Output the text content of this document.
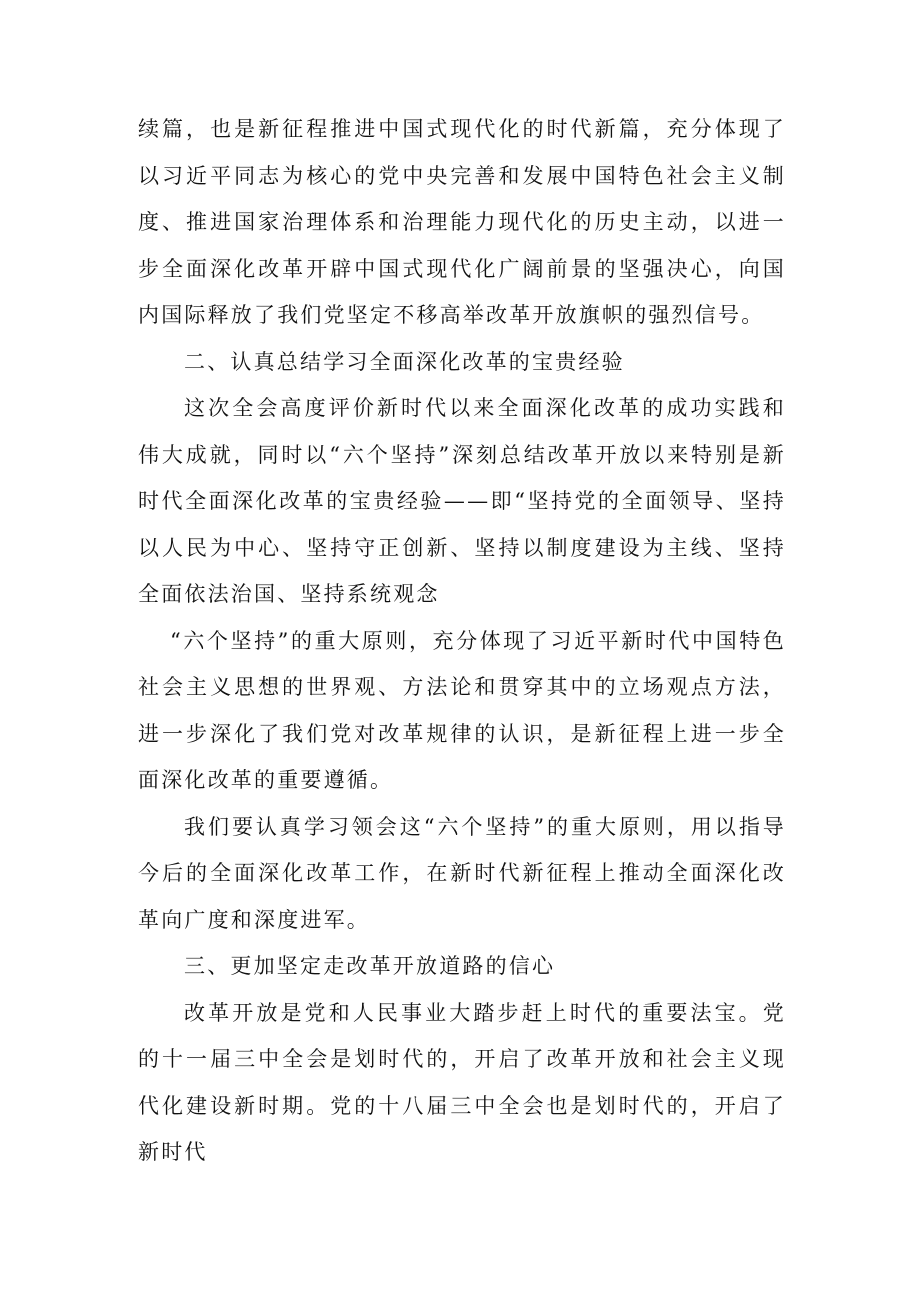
续篇，也是新征程推进中国式现代化的时代新篇，充分体现了以习近平同志为核心的党中央完善和发展中国特色社会主义制度、推进国家治理体系和治理能力现代化的历史主动，以进一步全面深化改革开辟中国式现代化广阔前景的坚强决心，向国内国际释放了我们党坚定不移高举改革开放旗帜的强烈信号。

二、认真总结学习全面深化改革的宝贵经验

这次全会高度评价新时代以来全面深化改革的成功实践和伟大成就，同时以“六个坚持”深刻总结改革开放以来特别是新时代全面深化改革的宝贵经验——即“坚持党的全面领导、坚持以人民为中心、坚持守正创新、坚持以制度建设为主线、坚持全面依法治国、坚持系统观念

“六个坚持”的重大原则，充分体现了习近平新时代中国特色社会主义思想的世界观、方法论和贯穿其中的立场观点方法，进一步深化了我们党对改革规律的认识，是新征程上进一步全面深化改革的重要遵循。

我们要认真学习领会这“六个坚持”的重大原则，用以指导今后的全面深化改革工作，在新时代新征程上推动全面深化改革向广度和深度进军。

三、更加坚定走改革开放道路的信心

改革开放是党和人民事业大踏步赶上时代的重要法宝。党的十一届三中全会是划时代的，开启了改革开放和社会主义现代化建设新时期。党的十八届三中全会也是划时代的，开启了新时代
